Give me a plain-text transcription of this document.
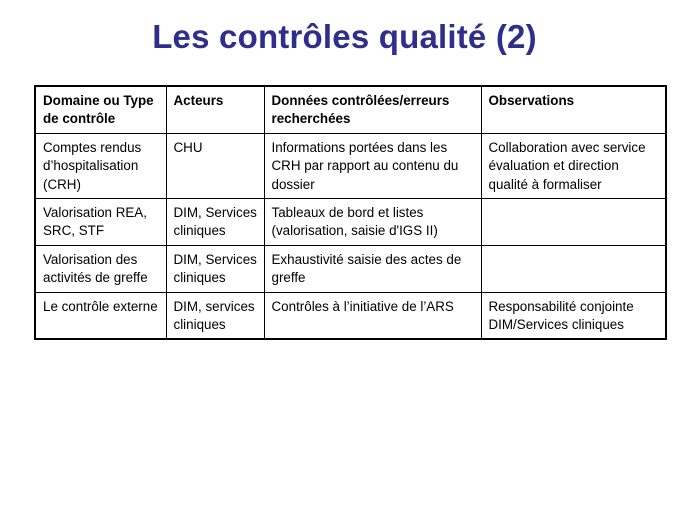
Les contrôles qualité (2)
Domaine ou Type de contrôle	Acteurs	Données contrôlées/erreurs recherchées	Observations
Comptes rendus d’hospitalisation (CRH)	CHU	Informations portées dans les CRH par rapport au contenu du dossier	Collaboration avec service évaluation et direction qualité à formaliser
Valorisation REA, SRC, STF	DIM, Services cliniques	Tableaux de bord et listes (valorisation, saisie d'IGS II)	
Valorisation des activités de greffe	DIM, Services cliniques	Exhaustivité saisie des actes de greffe	
Le contrôle externe	DIM, services cliniques	Contrôles à l’initiative de l’ARS	Responsabilité conjointe DIM/Services cliniques
